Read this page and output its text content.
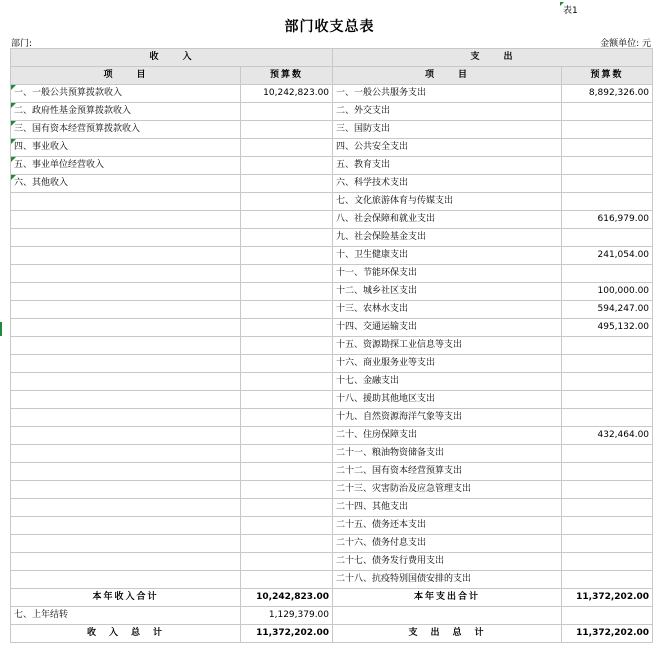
表1
部门收支总表
部门:	金额单位: 元
收　　入		支　　出	
项　　目	预算数	项　　目	预算数
一、一般公共预算拨款收入	10,242,823.00	一、一般公共服务支出	8,892,326.00
二、政府性基金预算拨款收入		二、外交支出	
三、国有资本经营预算拨款收入		三、国防支出	
四、事业收入		四、公共安全支出	
五、事业单位经营收入		五、教育支出	
六、其他收入		六、科学技术支出	
		七、文化旅游体育与传媒支出	
		八、社会保障和就业支出	616,979.00
		九、社会保险基金支出	
		十、卫生健康支出	241,054.00
		十一、节能环保支出	
		十二、城乡社区支出	100,000.00
		十三、农林水支出	594,247.00
		十四、交通运输支出	495,132.00
		十五、资源勘探工业信息等支出	
		十六、商业服务业等支出	
		十七、金融支出	
		十八、援助其他地区支出	
		十九、自然资源海洋气象等支出	
		二十、住房保障支出	432,464.00
		二十一、粮油物资储备支出	
		二十二、国有资本经营预算支出	
		二十三、灾害防治及应急管理支出	
		二十四、其他支出	
		二十五、债务还本支出	
		二十六、债务付息支出	
		二十七、债务发行费用支出	
		二十八、抗疫特别国债安排的支出	
本年收入合计	10,242,823.00	本年支出合计	11,372,202.00
七、上年结转	1,129,379.00		
收　入　总　计	11,372,202.00	支　出　总　计	11,372,202.00
